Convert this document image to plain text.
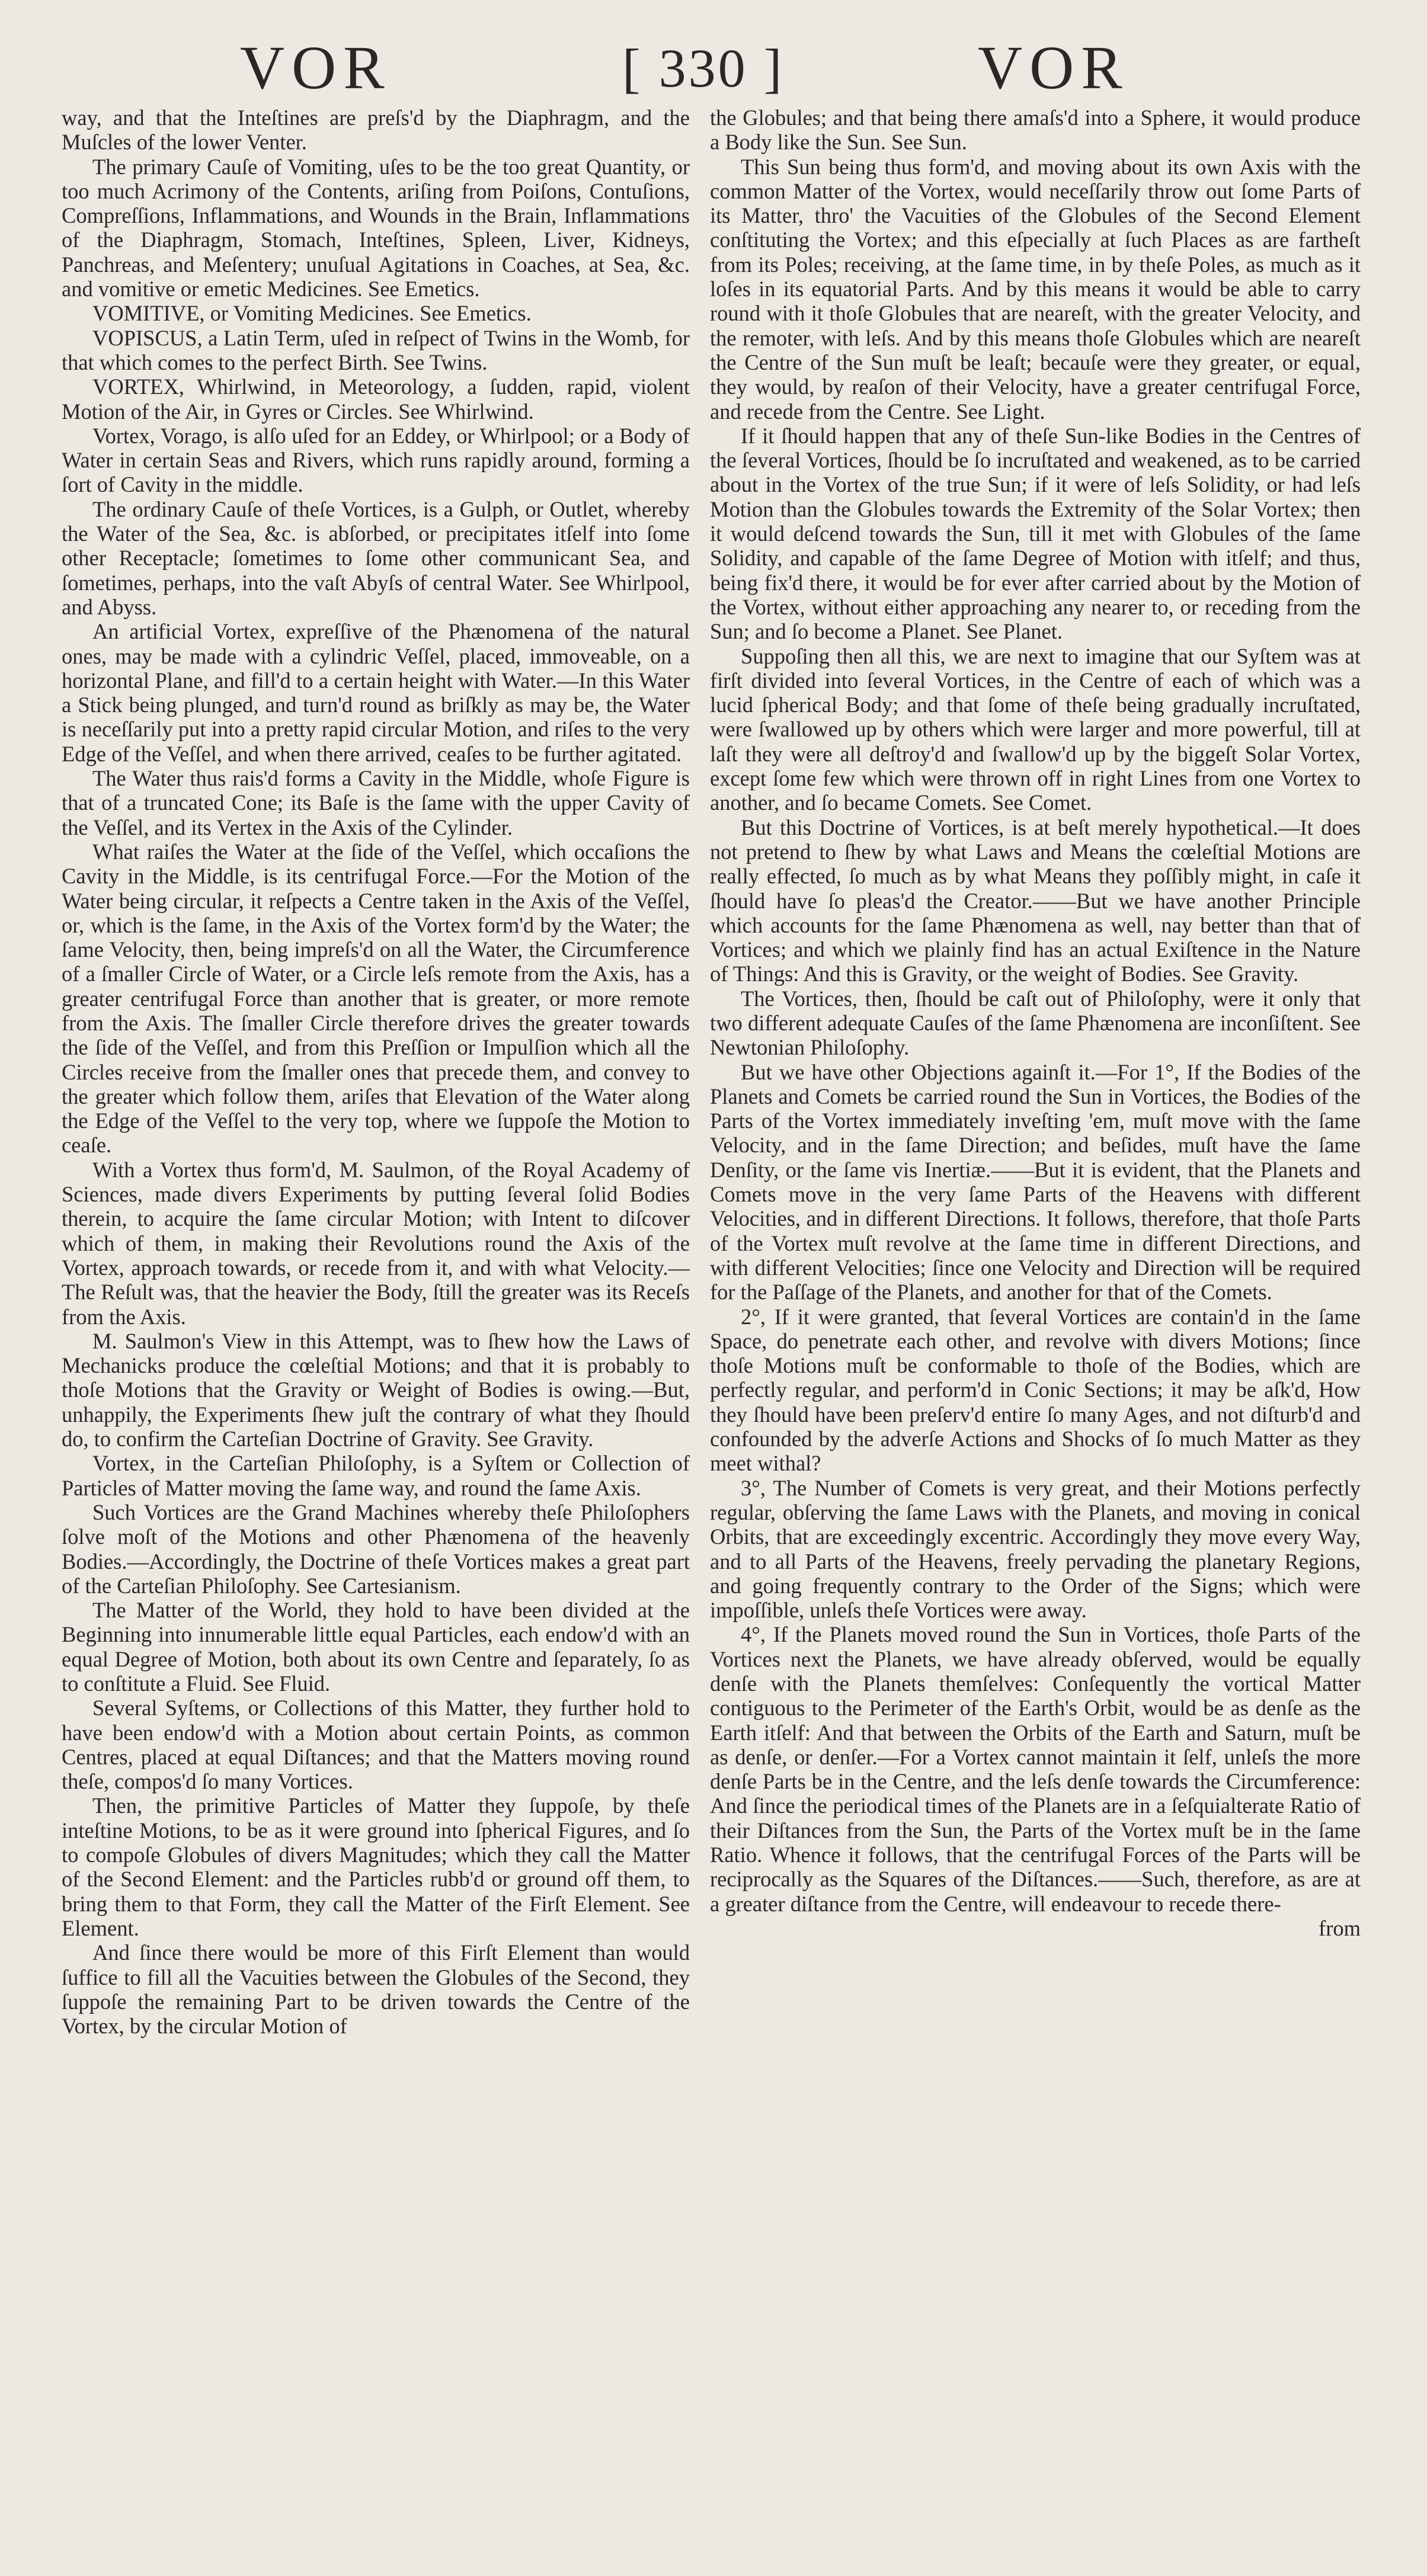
VOR	[ 330 ]	VOR

way, and that the Inteſtines are preſs'd by the Diaphragm, and the Muſcles of the lower Venter.

The primary Cauſe of Vomiting, uſes to be the too great Quantity, or too much Acrimony of the Contents, ariſing from Poiſons, Contuſions, Compreſſions, Inflammations, and Wounds in the Brain, Inflammations of the Diaphragm, Stomach, Inteſtines, Spleen, Liver, Kidneys, Panchreas, and Meſentery; unuſual Agitations in Coaches, at Sea, &c. and vomitive or emetic Medicines. See Emetics.

VOMITIVE, or Vomiting Medicines. See Emetics.

VOPISCUS, a Latin Term, uſed in reſpect of Twins in the Womb, for that which comes to the perfect Birth. See Twins.

VORTEX, Whirlwind, in Meteorology, a ſudden, rapid, violent Motion of the Air, in Gyres or Circles. See Whirlwind.

Vortex, Vorago, is alſo uſed for an Eddey, or Whirlpool; or a Body of Water in certain Seas and Rivers, which runs rapidly around, forming a ſort of Cavity in the middle.

The ordinary Cauſe of theſe Vortices, is a Gulph, or Outlet, whereby the Water of the Sea, &c. is abſorbed, or precipitates itſelf into ſome other Receptacle; ſometimes to ſome other communicant Sea, and ſometimes, perhaps, into the vaſt Abyſs of central Water. See Whirlpool, and Abyss.

An artificial Vortex, expreſſive of the Phænomena of the natural ones, may be made with a cylindric Veſſel, placed, immoveable, on a horizontal Plane, and fill'd to a certain height with Water.—In this Water a Stick being plunged, and turn'd round as briſkly as may be, the Water is neceſſarily put into a pretty rapid circular Motion, and riſes to the very Edge of the Veſſel, and when there arrived, ceaſes to be further agitated.

The Water thus rais'd forms a Cavity in the Middle, whoſe Figure is that of a truncated Cone; its Baſe is the ſame with the upper Cavity of the Veſſel, and its Vertex in the Axis of the Cylinder.

What raiſes the Water at the ſide of the Veſſel, which occaſions the Cavity in the Middle, is its centrifugal Force.—For the Motion of the Water being circular, it reſpects a Centre taken in the Axis of the Veſſel, or, which is the ſame, in the Axis of the Vortex form'd by the Water; the ſame Velocity, then, being impreſs'd on all the Water, the Circumference of a ſmaller Circle of Water, or a Circle leſs remote from the Axis, has a greater centrifugal Force than another that is greater, or more remote from the Axis. The ſmaller Circle therefore drives the greater towards the ſide of the Veſſel, and from this Preſſion or Impulſion which all the Circles receive from the ſmaller ones that precede them, and convey to the greater which follow them, ariſes that Elevation of the Water along the Edge of the Veſſel to the very top, where we ſuppoſe the Motion to ceaſe.

With a Vortex thus form'd, M. Saulmon, of the Royal Academy of Sciences, made divers Experiments by putting ſeveral ſolid Bodies therein, to acquire the ſame circular Motion; with Intent to diſcover which of them, in making their Revolutions round the Axis of the Vortex, approach towards, or recede from it, and with what Velocity.—The Reſult was, that the heavier the Body, ſtill the greater was its Receſs from the Axis.

M. Saulmon's View in this Attempt, was to ſhew how the Laws of Mechanicks produce the cœleſtial Motions; and that it is probably to thoſe Motions that the Gravity or Weight of Bodies is owing.—But, unhappily, the Experiments ſhew juſt the contrary of what they ſhould do, to confirm the Carteſian Doctrine of Gravity. See Gravity.

Vortex, in the Carteſian Philoſophy, is a Syſtem or Collection of Particles of Matter moving the ſame way, and round the ſame Axis.

Such Vortices are the Grand Machines whereby theſe Philoſophers ſolve moſt of the Motions and other Phænomena of the heavenly Bodies.—Accordingly, the Doctrine of theſe Vortices makes a great part of the Carteſian Philoſophy. See Cartesianism.

The Matter of the World, they hold to have been divided at the Beginning into innumerable little equal Particles, each endow'd with an equal Degree of Motion, both about its own Centre and ſeparately, ſo as to conſtitute a Fluid. See Fluid.

Several Syſtems, or Collections of this Matter, they further hold to have been endow'd with a Motion about certain Points, as common Centres, placed at equal Diſtances; and that the Matters moving round theſe, compos'd ſo many Vortices.

Then, the primitive Particles of Matter they ſuppoſe, by theſe inteſtine Motions, to be as it were ground into ſpherical Figures, and ſo to compoſe Globules of divers Magnitudes; which they call the Matter of the Second Element: and the Particles rubb'd or ground off them, to bring them to that Form, they call the Matter of the Firſt Element. See Element.

And ſince there would be more of this Firſt Element than would ſuffice to fill all the Vacuities between the Globules of the Second, they ſuppoſe the remaining Part to be driven towards the Centre of the Vortex, by the circular Motion of

the Globules; and that being there amaſs'd into a Sphere, it would produce a Body like the Sun. See Sun.

This Sun being thus form'd, and moving about its own Axis with the common Matter of the Vortex, would neceſſarily throw out ſome Parts of its Matter, thro' the Vacuities of the Globules of the Second Element conſtituting the Vortex; and this eſpecially at ſuch Places as are fartheſt from its Poles; receiving, at the ſame time, in by theſe Poles, as much as it loſes in its equatorial Parts. And by this means it would be able to carry round with it thoſe Globules that are neareſt, with the greater Velocity, and the remoter, with leſs. And by this means thoſe Globules which are neareſt the Centre of the Sun muſt be leaſt; becauſe were they greater, or equal, they would, by reaſon of their Velocity, have a greater centrifugal Force, and recede from the Centre. See Light.

If it ſhould happen that any of theſe Sun-like Bodies in the Centres of the ſeveral Vortices, ſhould be ſo incruſtated and weakened, as to be carried about in the Vortex of the true Sun; if it were of leſs Solidity, or had leſs Motion than the Globules towards the Extremity of the Solar Vortex; then it would deſcend towards the Sun, till it met with Globules of the ſame Solidity, and capable of the ſame Degree of Motion with itſelf; and thus, being fix'd there, it would be for ever after carried about by the Motion of the Vortex, without either approaching any nearer to, or receding from the Sun; and ſo become a Planet. See Planet.

Suppoſing then all this, we are next to imagine that our Syſtem was at firſt divided into ſeveral Vortices, in the Centre of each of which was a lucid ſpherical Body; and that ſome of theſe being gradually incruſtated, were ſwallowed up by others which were larger and more powerful, till at laſt they were all deſtroy'd and ſwallow'd up by the biggeſt Solar Vortex, except ſome few which were thrown off in right Lines from one Vortex to another, and ſo became Comets. See Comet.

But this Doctrine of Vortices, is at beſt merely hypothetical.—It does not pretend to ſhew by what Laws and Means the cœleſtial Motions are really effected, ſo much as by what Means they poſſibly might, in caſe it ſhould have ſo pleas'd the Creator.——But we have another Principle which accounts for the ſame Phænomena as well, nay better than that of Vortices; and which we plainly find has an actual Exiſtence in the Nature of Things: And this is Gravity, or the weight of Bodies. See Gravity.

The Vortices, then, ſhould be caſt out of Philoſophy, were it only that two different adequate Cauſes of the ſame Phænomena are inconſiſtent. See Newtonian Philoſophy.

But we have other Objections againſt it.—For 1°, If the Bodies of the Planets and Comets be carried round the Sun in Vortices, the Bodies of the Parts of the Vortex immediately inveſting 'em, muſt move with the ſame Velocity, and in the ſame Direction; and beſides, muſt have the ſame Denſity, or the ſame vis Inertiæ.——But it is evident, that the Planets and Comets move in the very ſame Parts of the Heavens with different Velocities, and in different Directions. It follows, therefore, that thoſe Parts of the Vortex muſt revolve at the ſame time in different Directions, and with different Velocities; ſince one Velocity and Direction will be required for the Paſſage of the Planets, and another for that of the Comets.

2°, If it were granted, that ſeveral Vortices are contain'd in the ſame Space, do penetrate each other, and revolve with divers Motions; ſince thoſe Motions muſt be conformable to thoſe of the Bodies, which are perfectly regular, and perform'd in Conic Sections; it may be aſk'd, How they ſhould have been preſerv'd entire ſo many Ages, and not diſturb'd and confounded by the adverſe Actions and Shocks of ſo much Matter as they meet withal?

3°, The Number of Comets is very great, and their Motions perfectly regular, obſerving the ſame Laws with the Planets, and moving in conical Orbits, that are exceedingly excentric. Accordingly they move every Way, and to all Parts of the Heavens, freely pervading the planetary Regions, and going frequently contrary to the Order of the Signs; which were impoſſible, unleſs theſe Vortices were away.

4°, If the Planets moved round the Sun in Vortices, thoſe Parts of the Vortices next the Planets, we have already obſerved, would be equally denſe with the Planets themſelves: Conſequently the vortical Matter contiguous to the Perimeter of the Earth's Orbit, would be as denſe as the Earth itſelf: And that between the Orbits of the Earth and Saturn, muſt be as denſe, or denſer.—For a Vortex cannot maintain it ſelf, unleſs the more denſe Parts be in the Centre, and the leſs denſe towards the Circumference: And ſince the periodical times of the Planets are in a ſeſquialterate Ratio of their Diſtances from the Sun, the Parts of the Vortex muſt be in the ſame Ratio. Whence it follows, that the centrifugal Forces of the Parts will be reciprocally as the Squares of the Diſtances.——Such, therefore, as are at a greater diſtance from the Centre, will endeavour to recede there-

from
